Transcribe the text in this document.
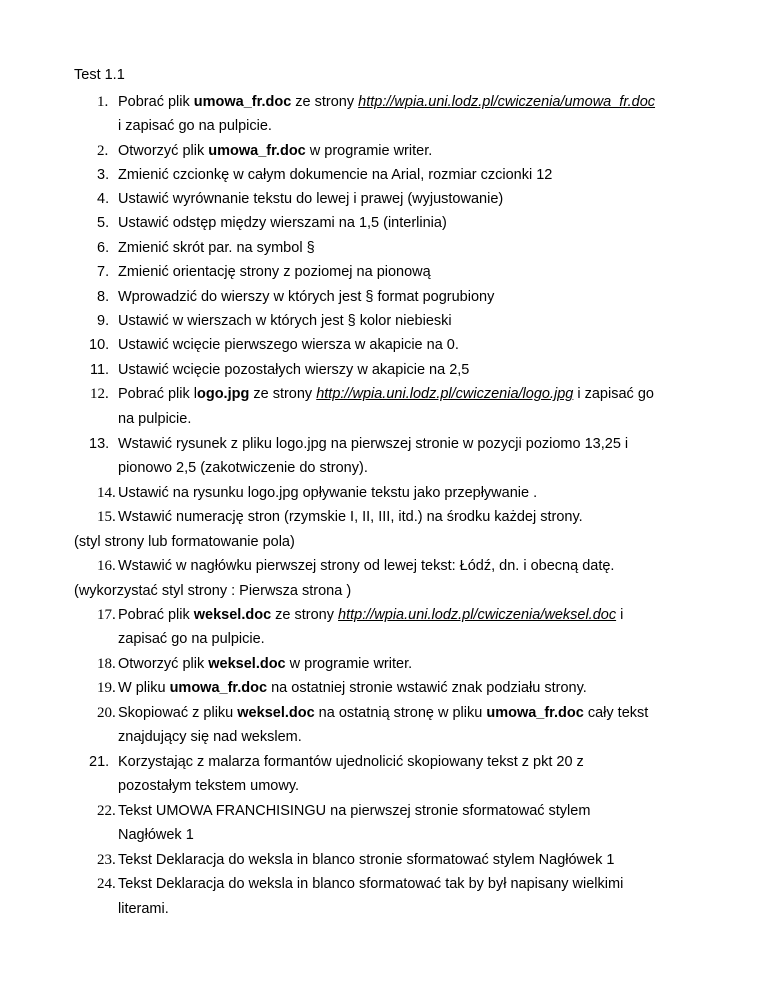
Test 1.1
1. Pobrać plik umowa_fr.doc ze strony http://wpia.uni.lodz.pl/cwiczenia/umowa_fr.doc
i zapisać go na pulpicie.
2. Otworzyć plik umowa_fr.doc w programie writer.
3. Zmienić czcionkę w całym dokumencie na Arial, rozmiar czcionki 12
4. Ustawić wyrównanie tekstu do lewej i prawej (wyjustowanie)
5. Ustawić odstęp między wierszami na 1,5 (interlinia)
6. Zmienić skrót par. na symbol §
7. Zmienić orientację strony z poziomej na pionową
8. Wprowadzić do wierszy w których jest § format pogrubiony
9. Ustawić w wierszach w których jest § kolor niebieski
10. Ustawić wcięcie pierwszego wiersza w akapicie na 0.
11. Ustawić wcięcie pozostałych wierszy w akapicie na 2,5
12. Pobrać plik logo.jpg ze strony http://wpia.uni.lodz.pl/cwiczenia/logo.jpg i zapisać go
na pulpicie.
13. Wstawić rysunek z pliku logo.jpg na pierwszej stronie w pozycji poziomo 13,25 i
pionowo 2,5 (zakotwiczenie do strony).
14. Ustawić na rysunku logo.jpg opływanie tekstu jako przepływanie .
15. Wstawić numerację stron (rzymskie I, II, III, itd.) na środku każdej strony.
(styl strony lub formatowanie pola)
16. Wstawić w nagłówku pierwszej strony od lewej tekst: Łódź, dn. i obecną datę.
(wykorzystać styl strony : Pierwsza strona )
17. Pobrać plik weksel.doc ze strony http://wpia.uni.lodz.pl/cwiczenia/weksel.doc i
zapisać go na pulpicie.
18. Otworzyć plik weksel.doc w programie writer.
19. W pliku umowa_fr.doc na ostatniej stronie wstawić znak podziału strony.
20. Skopiować z pliku weksel.doc na ostatnią stronę w pliku umowa_fr.doc cały tekst
znajdujący się nad wekslem.
21. Korzystając z malarza formantów ujednolicić skopiowany tekst z pkt 20 z
pozostałym tekstem umowy.
22. Tekst UMOWA FRANCHISINGU na pierwszej stronie sformatować stylem
Nagłówek 1
23. Tekst Deklaracja do weksla in blanco stronie sformatować stylem Nagłówek 1
24. Tekst Deklaracja do weksla in blanco sformatować tak by był napisany wielkimi
literami.
